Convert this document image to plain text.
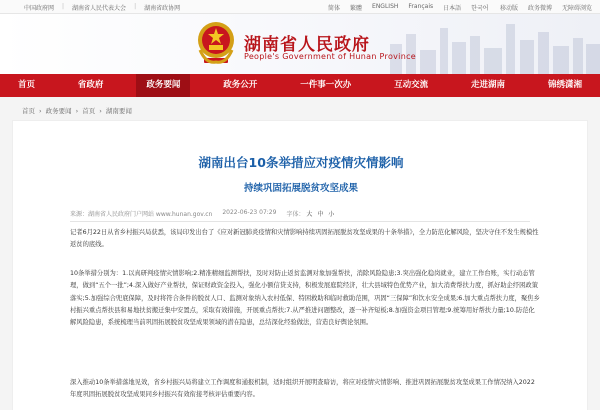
中国政府网 | 湖南省人民代表大会 | 湖南省政协网	简体 繁體 ENGLISH Français 日本語 한국어 移动版 政务微博 无障碍浏览
湖南省人民政府
People's Government of Hunan Province
首页	省政府	政务要闻	政务公开	一件事一次办	互动交流	走进湖南	锦绣潇湘
首页 › 政务要闻 › 首页 › 湖南要闻
湖南出台10条举措应对疫情灾情影响
持续巩固拓展脱贫攻坚成果
来源：湖南省人民政府门户网站 www.hunan.gov.cn 2022-06-23 07:29 字体： 大 中 小

记者6月22日从省乡村振兴局获悉，该局印发出台了《应对新冠肺炎疫情和灾情影响持续巩固拓展脱贫攻坚成果的十条举措》，全力防范化解风险，坚决守住不发生规模性返贫的底线。

10条举措分别为：1.以真研判疫情灾情影响;2.精准精细监测帮扶，及时对防止返贫监测对象加强帮扶，消除风险隐患;3.突出强化稳岗就业，建立工作台账，实行动态管理，做到“五个一批”;4.深入做好产业帮扶，保证财政资金投入，强化小额信贷支持，积极发展庭院经济，壮大县域特色优势产业，加大消费帮扶力度，抓好助企纾困政策落实;5.加强综合兜底保障，及时将符合条件的脱贫人口、监测对象纳入农村低保、特困救助和临时救助范围，巩固“三保障”和饮水安全成果;6.加大重点帮扶力度，聚焦乡村振兴重点帮扶县和易地扶贫搬迁集中安置点，采取有效措施，开展重点帮扶;7.从严推进问题整改，逐一补齐短板;8.加强资金项目管理;9.统筹用好帮扶力量;10.防范化解风险隐患，系统梳理当前巩固拓展脱贫攻坚成果领域的潜在隐患，总结深化经验做法，营造良好舆论氛围。

深入推动10条举措落地见效，省乡村振兴局将建立工作调度和通报机制，适时组织开展明查暗访，将应对疫情灾情影响、推进巩固拓展脱贫攻坚成果工作情况纳入2022年度巩固拓展脱贫攻坚成果同乡村振兴有效衔接考核评估重要内容。
